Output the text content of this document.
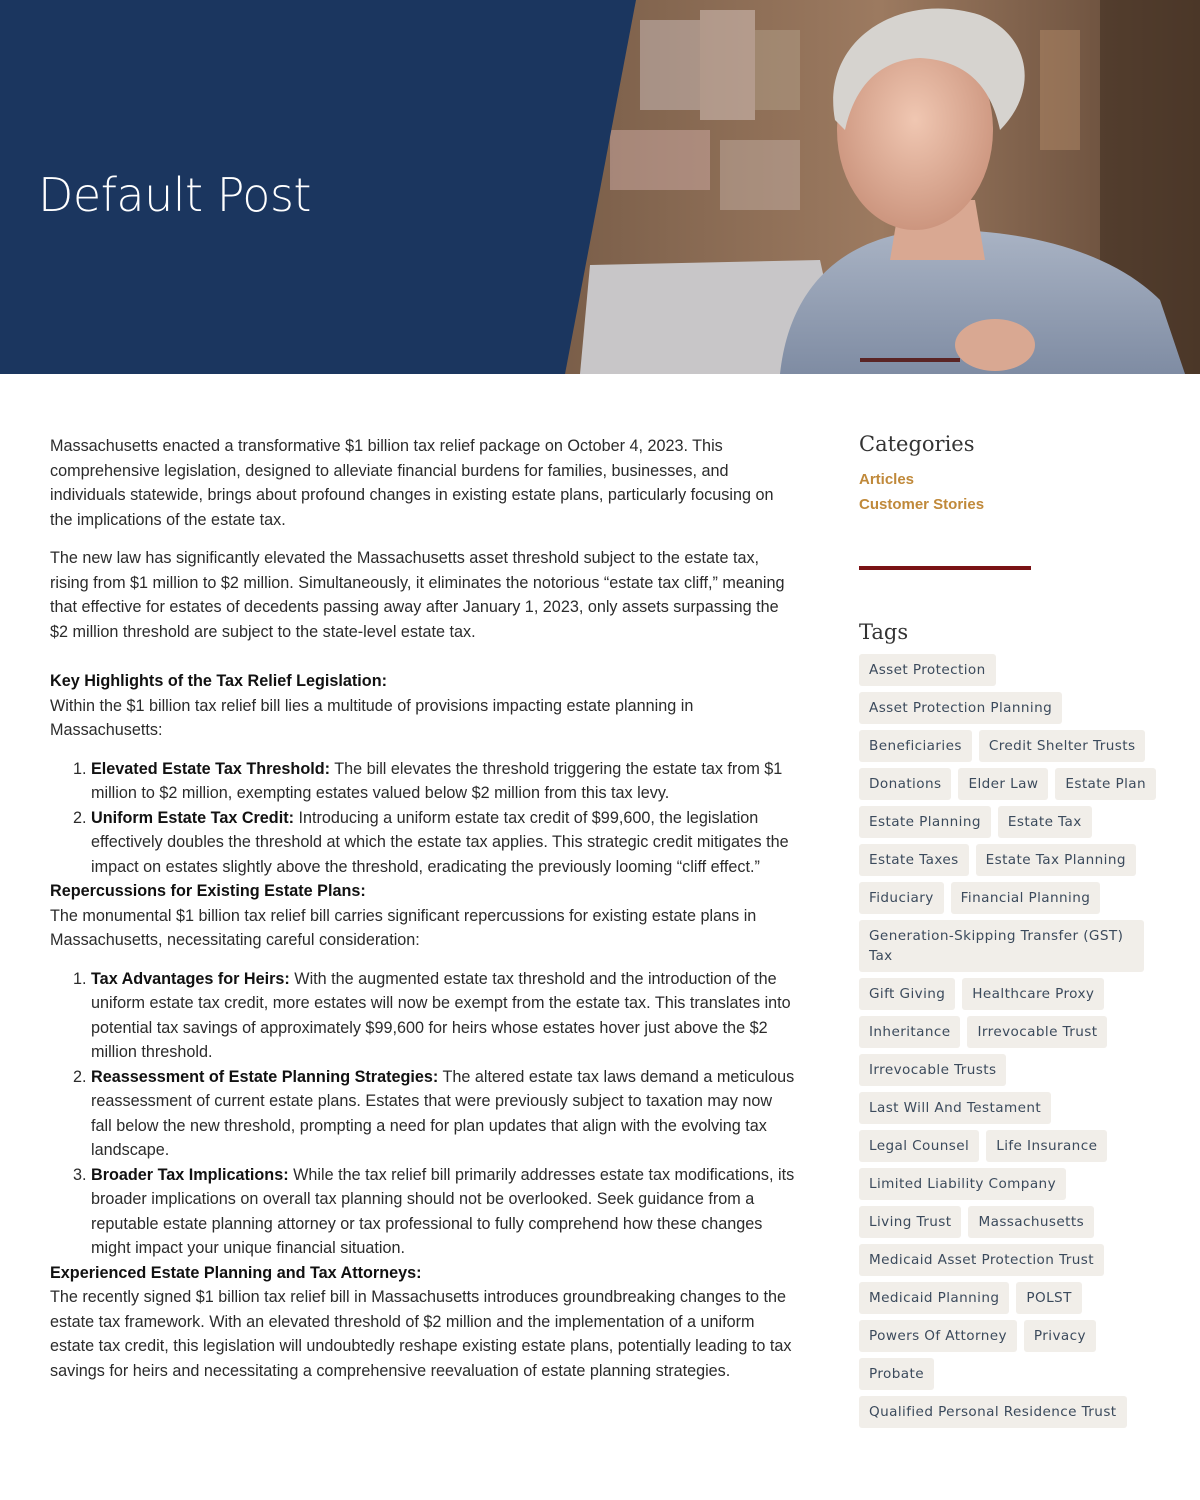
Default Post

Massachusetts enacted a transformative $1 billion tax relief package on October 4, 2023. This comprehensive legislation, designed to alleviate financial burdens for families, businesses, and individuals statewide, brings about profound changes in existing estate plans, particularly focusing on the implications of the estate tax.

The new law has significantly elevated the Massachusetts asset threshold subject to the estate tax, rising from $1 million to $2 million. Simultaneously, it eliminates the notorious “estate tax cliff,” meaning that effective for estates of decedents passing away after January 1, 2023, only assets surpassing the $2 million threshold are subject to the state-level estate tax.

Key Highlights of the Tax Relief Legislation:
Within the $1 billion tax relief bill lies a multitude of provisions impacting estate planning in Massachusetts:
1. Elevated Estate Tax Threshold: The bill elevates the threshold triggering the estate tax from $1 million to $2 million, exempting estates valued below $2 million from this tax levy.
2. Uniform Estate Tax Credit: Introducing a uniform estate tax credit of $99,600, the legislation effectively doubles the threshold at which the estate tax applies. This strategic credit mitigates the impact on estates slightly above the threshold, eradicating the previously looming “cliff effect.”
Repercussions for Existing Estate Plans:
The monumental $1 billion tax relief bill carries significant repercussions for existing estate plans in Massachusetts, necessitating careful consideration:
1. Tax Advantages for Heirs: With the augmented estate tax threshold and the introduction of the uniform estate tax credit, more estates will now be exempt from the estate tax. This translates into potential tax savings of approximately $99,600 for heirs whose estates hover just above the $2 million threshold.
2. Reassessment of Estate Planning Strategies: The altered estate tax laws demand a meticulous reassessment of current estate plans. Estates that were previously subject to taxation may now fall below the new threshold, prompting a need for plan updates that align with the evolving tax landscape.
3. Broader Tax Implications: While the tax relief bill primarily addresses estate tax modifications, its broader implications on overall tax planning should not be overlooked. Seek guidance from a reputable estate planning attorney or tax professional to fully comprehend how these changes might impact your unique financial situation.
Experienced Estate Planning and Tax Attorneys:
The recently signed $1 billion tax relief bill in Massachusetts introduces groundbreaking changes to the estate tax framework. With an elevated threshold of $2 million and the implementation of a uniform estate tax credit, this legislation will undoubtedly reshape existing estate plans, potentially leading to tax savings for heirs and necessitating a comprehensive reevaluation of estate planning strategies.
Categories
Articles
Customer Stories
Tags
Asset Protection
Asset Protection Planning
Beneficiaries	Credit Shelter Trusts
Donations	Elder Law	Estate Plan
Estate Planning	Estate Tax
Estate Taxes	Estate Tax Planning
Fiduciary	Financial Planning
Generation-Skipping Transfer (GST) Tax
Gift Giving	Healthcare Proxy
Inheritance	Irrevocable Trust
Irrevocable Trusts
Last Will And Testament
Legal Counsel	Life Insurance
Limited Liability Company
Living Trust	Massachusetts
Medicaid Asset Protection Trust
Medicaid Planning	POLST
Powers Of Attorney	Privacy
Probate
Qualified Personal Residence Trust
